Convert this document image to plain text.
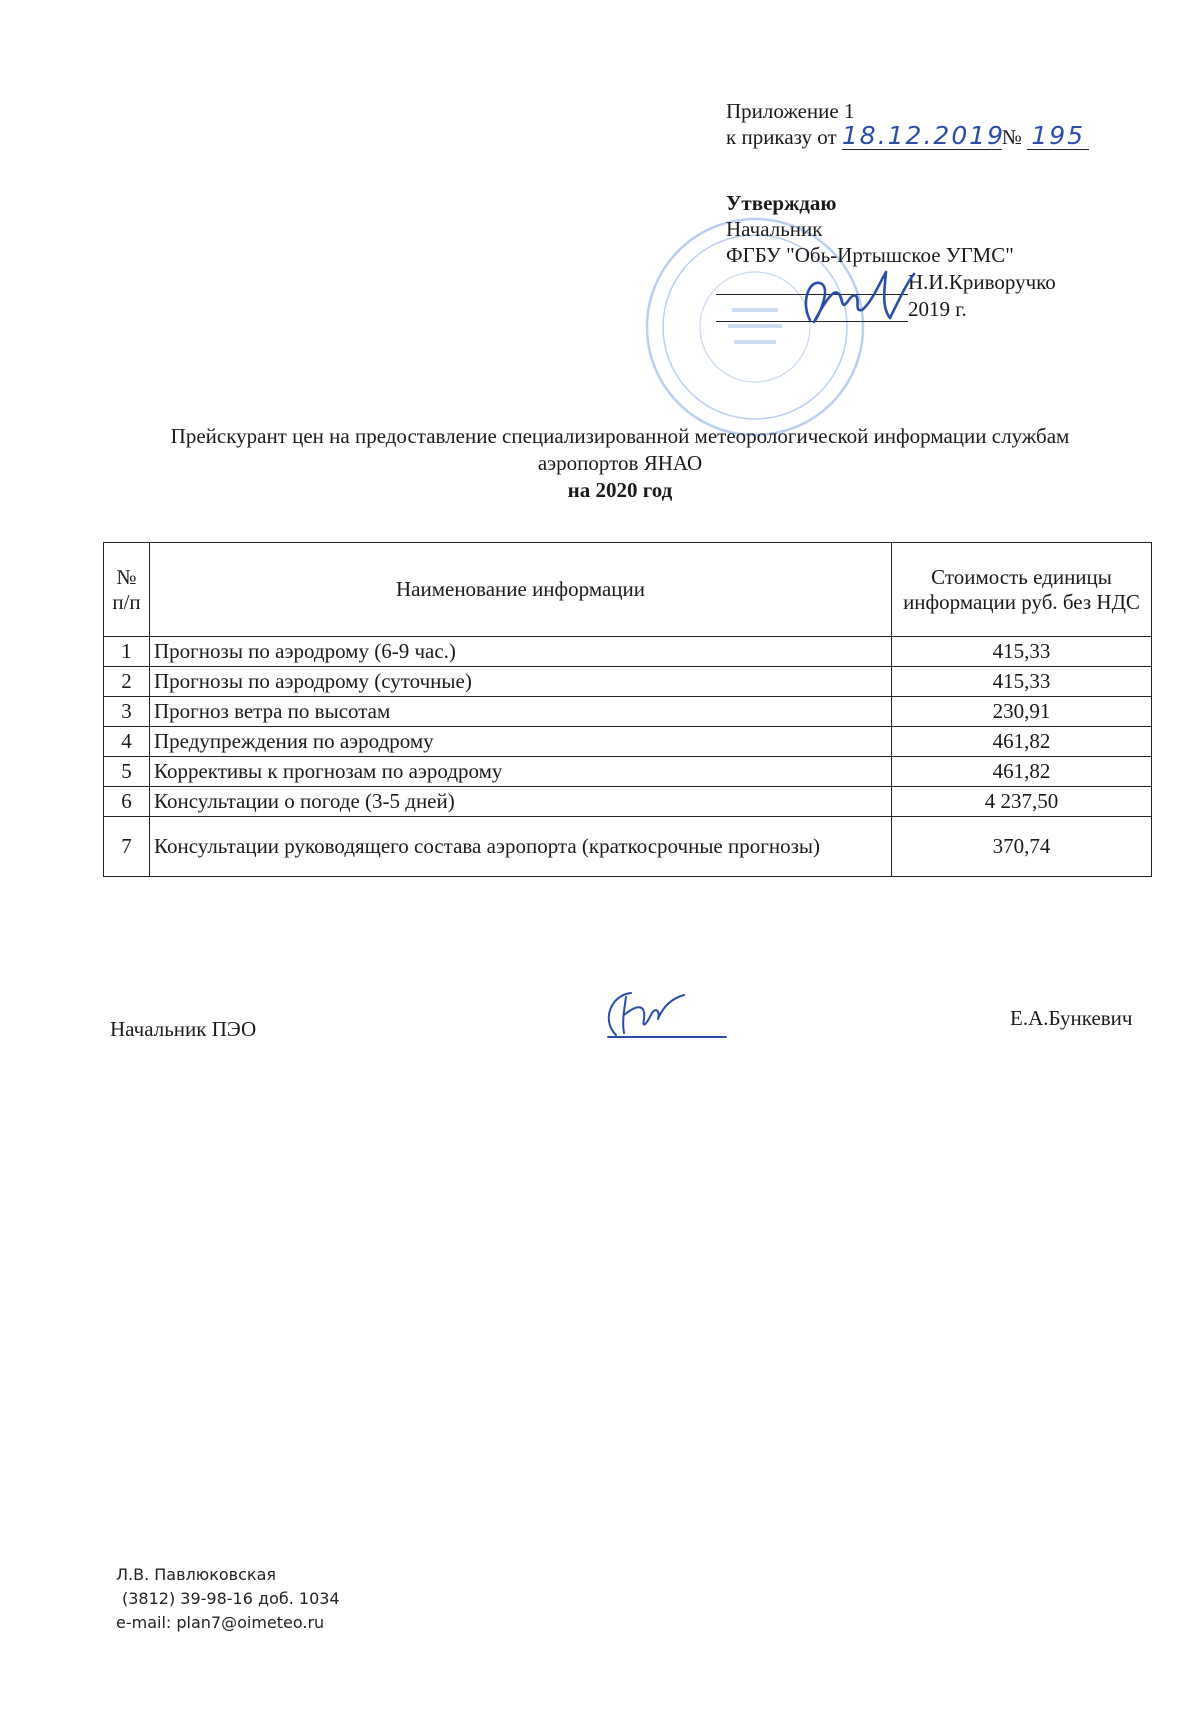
Приложение 1
к приказу от 18.12.2019№ 195
Утверждаю
Начальник
ФГБУ "Обь-Иртышское УГМС"
Н.И.Криворучко
2019 г.
Прейскурант цен на предоставление специализированной метеорологической информации службам
аэропортов ЯНАО
на 2020 год
№ п/п	Наименование информации	Стоимость единицы информации руб. без НДС
1	Прогнозы по аэродрому (6-9 час.)	415,33
2	Прогнозы по аэродрому (суточные)	415,33
3	Прогноз ветра по высотам	230,91
4	Предупреждения по аэродрому	461,82
5	Коррективы к прогнозам по аэродрому	461,82
6	Консультации о погоде (3-5 дней)	4 237,50
7	Консультации руководящего состава аэропорта (краткосрочные прогнозы)	370,74
Начальник ПЭО	Е.А.Бункевич
Л.В. Павлюковская
(3812) 39-98-16 доб. 1034
e-mail: plan7@oimeteo.ru
